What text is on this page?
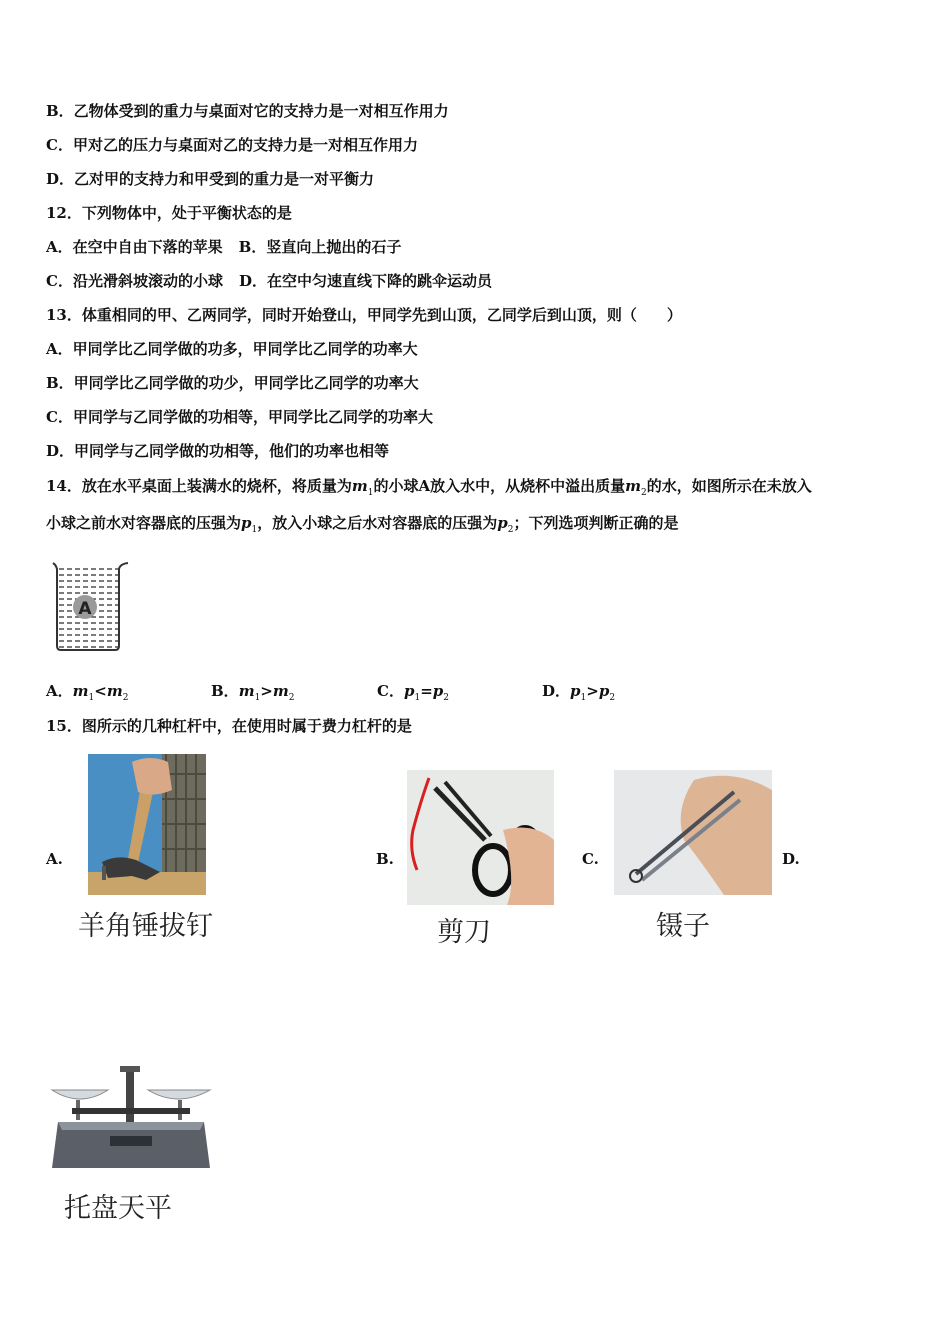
B．乙物体受到的重力与桌面对它的支持力是一对相互作用力
C．甲对乙的压力与桌面对乙的支持力是一对相互作用力
D．乙对甲的支持力和甲受到的重力是一对平衡力
12．下列物体中，处于平衡状态的是
A．在空中自由下落的苹果 B．竖直向上抛出的石子
C．沿光滑斜坡滚动的小球 D．在空中匀速直线下降的跳伞运动员
13．体重相同的甲、乙两同学，同时开始登山，甲同学先到山顶，乙同学后到山顶，则（　　）
A．甲同学比乙同学做的功多，甲同学比乙同学的功率大
B．甲同学比乙同学做的功少，甲同学比乙同学的功率大
C．甲同学与乙同学做的功相等，甲同学比乙同学的功率大
D．甲同学与乙同学做的功相等，他们的功率也相等
14．放在水平桌面上装满水的烧杯，将质量为$m_1$的小球A放入水中，从烧杯中溢出质量$m_2$的水，如图所示在未放入
小球之前水对容器底的压强为$p_1$，放入小球之后水对容器底的压强为$p_2$；下列选项判断正确的是
A
A．$m_1<m_2$	B．$m_1>m_2$	C．$p_1=p_2$	D．$p_1>p_2$
15．图所示的几种杠杆中，在使用时属于费力杠杆的是
A.	B.	C.	D.
羊角锤拔钉	剪刀	镊子
托盘天平
